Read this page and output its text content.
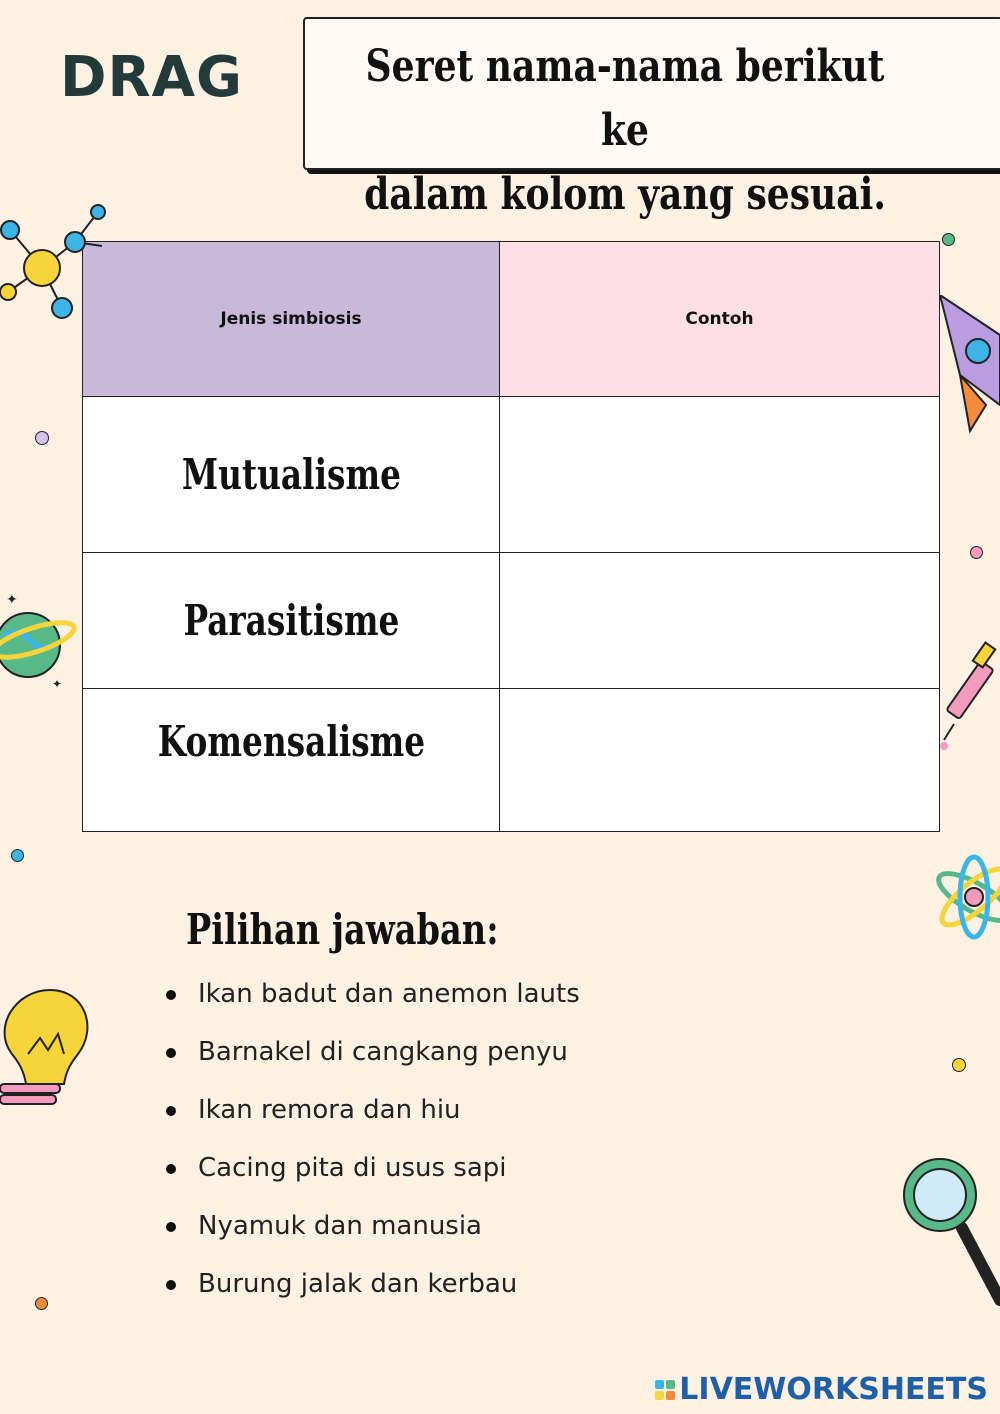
DRAG	Seret nama-nama berikut ke
dalam kolom yang sesuai.
Jenis simbiosis	Contoh
Mutualisme	
Parasitisme	
Komensalisme	
Pilihan jawaban:
Ikan badut dan anemon lauts
Barnakel di cangkang penyu
Ikan remora dan hiu
Cacing pita di usus sapi
Nyamuk dan manusia
Burung jalak dan kerbau
✦
✦
LIVEWORKSHEETS
